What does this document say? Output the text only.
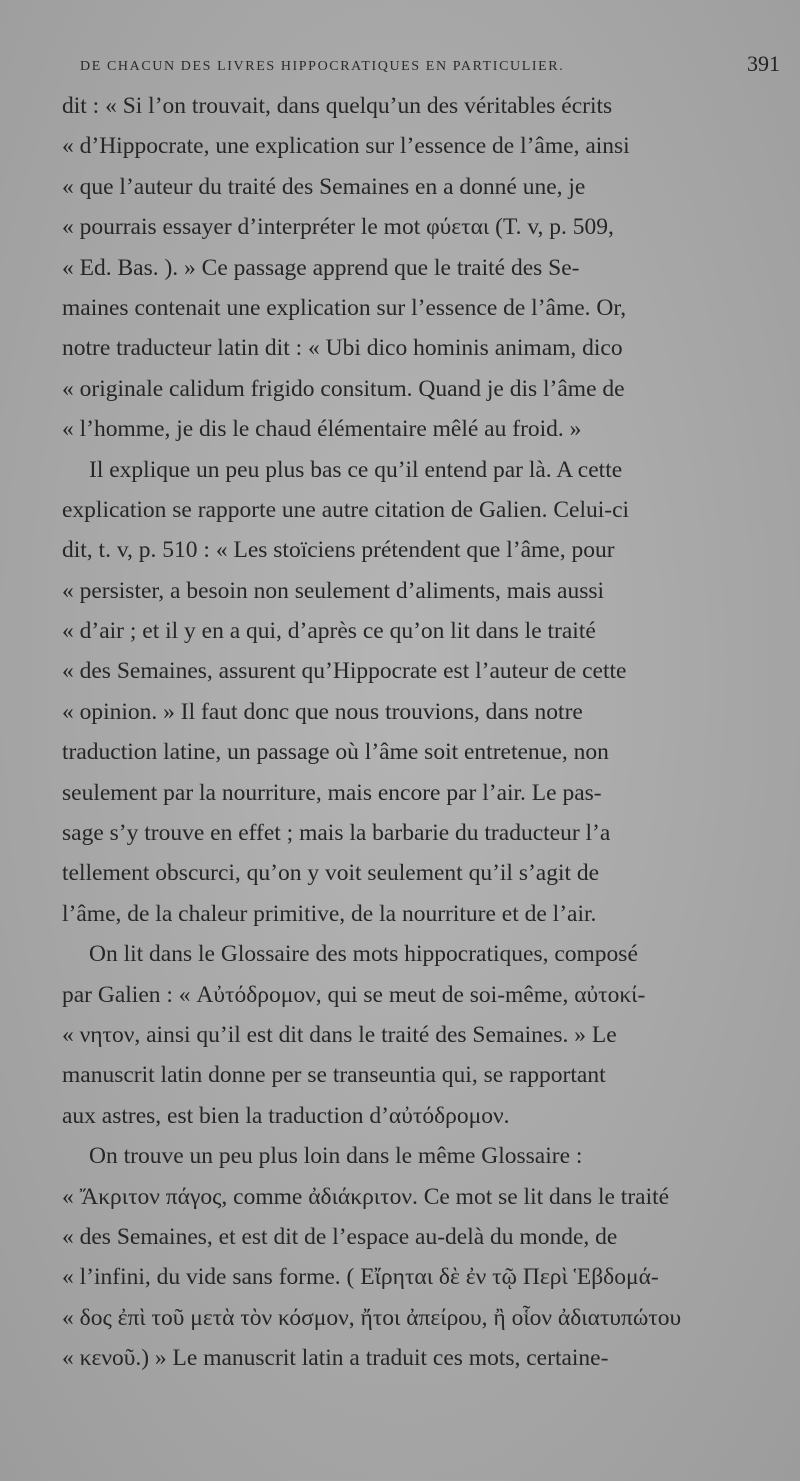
DE CHACUN DES LIVRES HIPPOCRATIQUES EN PARTICULIER.	391
dit : « Si l’on trouvait, dans quelqu’un des véritables écrits
« d’Hippocrate, une explication sur l’essence de l’âme, ainsi
« que l’auteur du traité des Semaines en a donné une, je
« pourrais essayer d’interpréter le mot φύεται (T. v, p. 509,
« Ed. Bas. ). » Ce passage apprend que le traité des Se-
maines contenait une explication sur l’essence de l’âme. Or,
notre traducteur latin dit : « Ubi dico hominis animam, dico
« originale calidum frigido consitum. Quand je dis l’âme de
« l’homme, je dis le chaud élémentaire mêlé au froid. »
Il explique un peu plus bas ce qu’il entend par là. A cette
explication se rapporte une autre citation de Galien. Celui-ci
dit, t. v, p. 510 : « Les stoïciens prétendent que l’âme, pour
« persister, a besoin non seulement d’aliments, mais aussi
« d’air ; et il y en a qui, d’après ce qu’on lit dans le traité
« des Semaines, assurent qu’Hippocrate est l’auteur de cette
« opinion. » Il faut donc que nous trouvions, dans notre
traduction latine, un passage où l’âme soit entretenue, non
seulement par la nourriture, mais encore par l’air. Le pas-
sage s’y trouve en effet ; mais la barbarie du traducteur l’a
tellement obscurci, qu’on y voit seulement qu’il s’agit de
l’âme, de la chaleur primitive, de la nourriture et de l’air.
On lit dans le Glossaire des mots hippocratiques, composé
par Galien : « Αὐτόδρομον, qui se meut de soi-même, αὐτοκί-
« νητον, ainsi qu’il est dit dans le traité des Semaines. » Le
manuscrit latin donne per se transeuntia qui, se rapportant
aux astres, est bien la traduction d’αὐτόδρομον.
On trouve un peu plus loin dans le même Glossaire :
« Ἄκριτον πάγος, comme ἀδιάκριτον. Ce mot se lit dans le traité
« des Semaines, et est dit de l’espace au-delà du monde, de
« l’infini, du vide sans forme. ( Εἴρηται δὲ ἐν τῷ Περὶ Ἑβδομά-
« δος ἐπὶ τοῦ μετὰ τὸν κόσμον, ἤτοι ἀπείρου, ἢ οἷον ἀδιατυπώτου
« κενοῦ.) » Le manuscrit latin a traduit ces mots, certaine-
